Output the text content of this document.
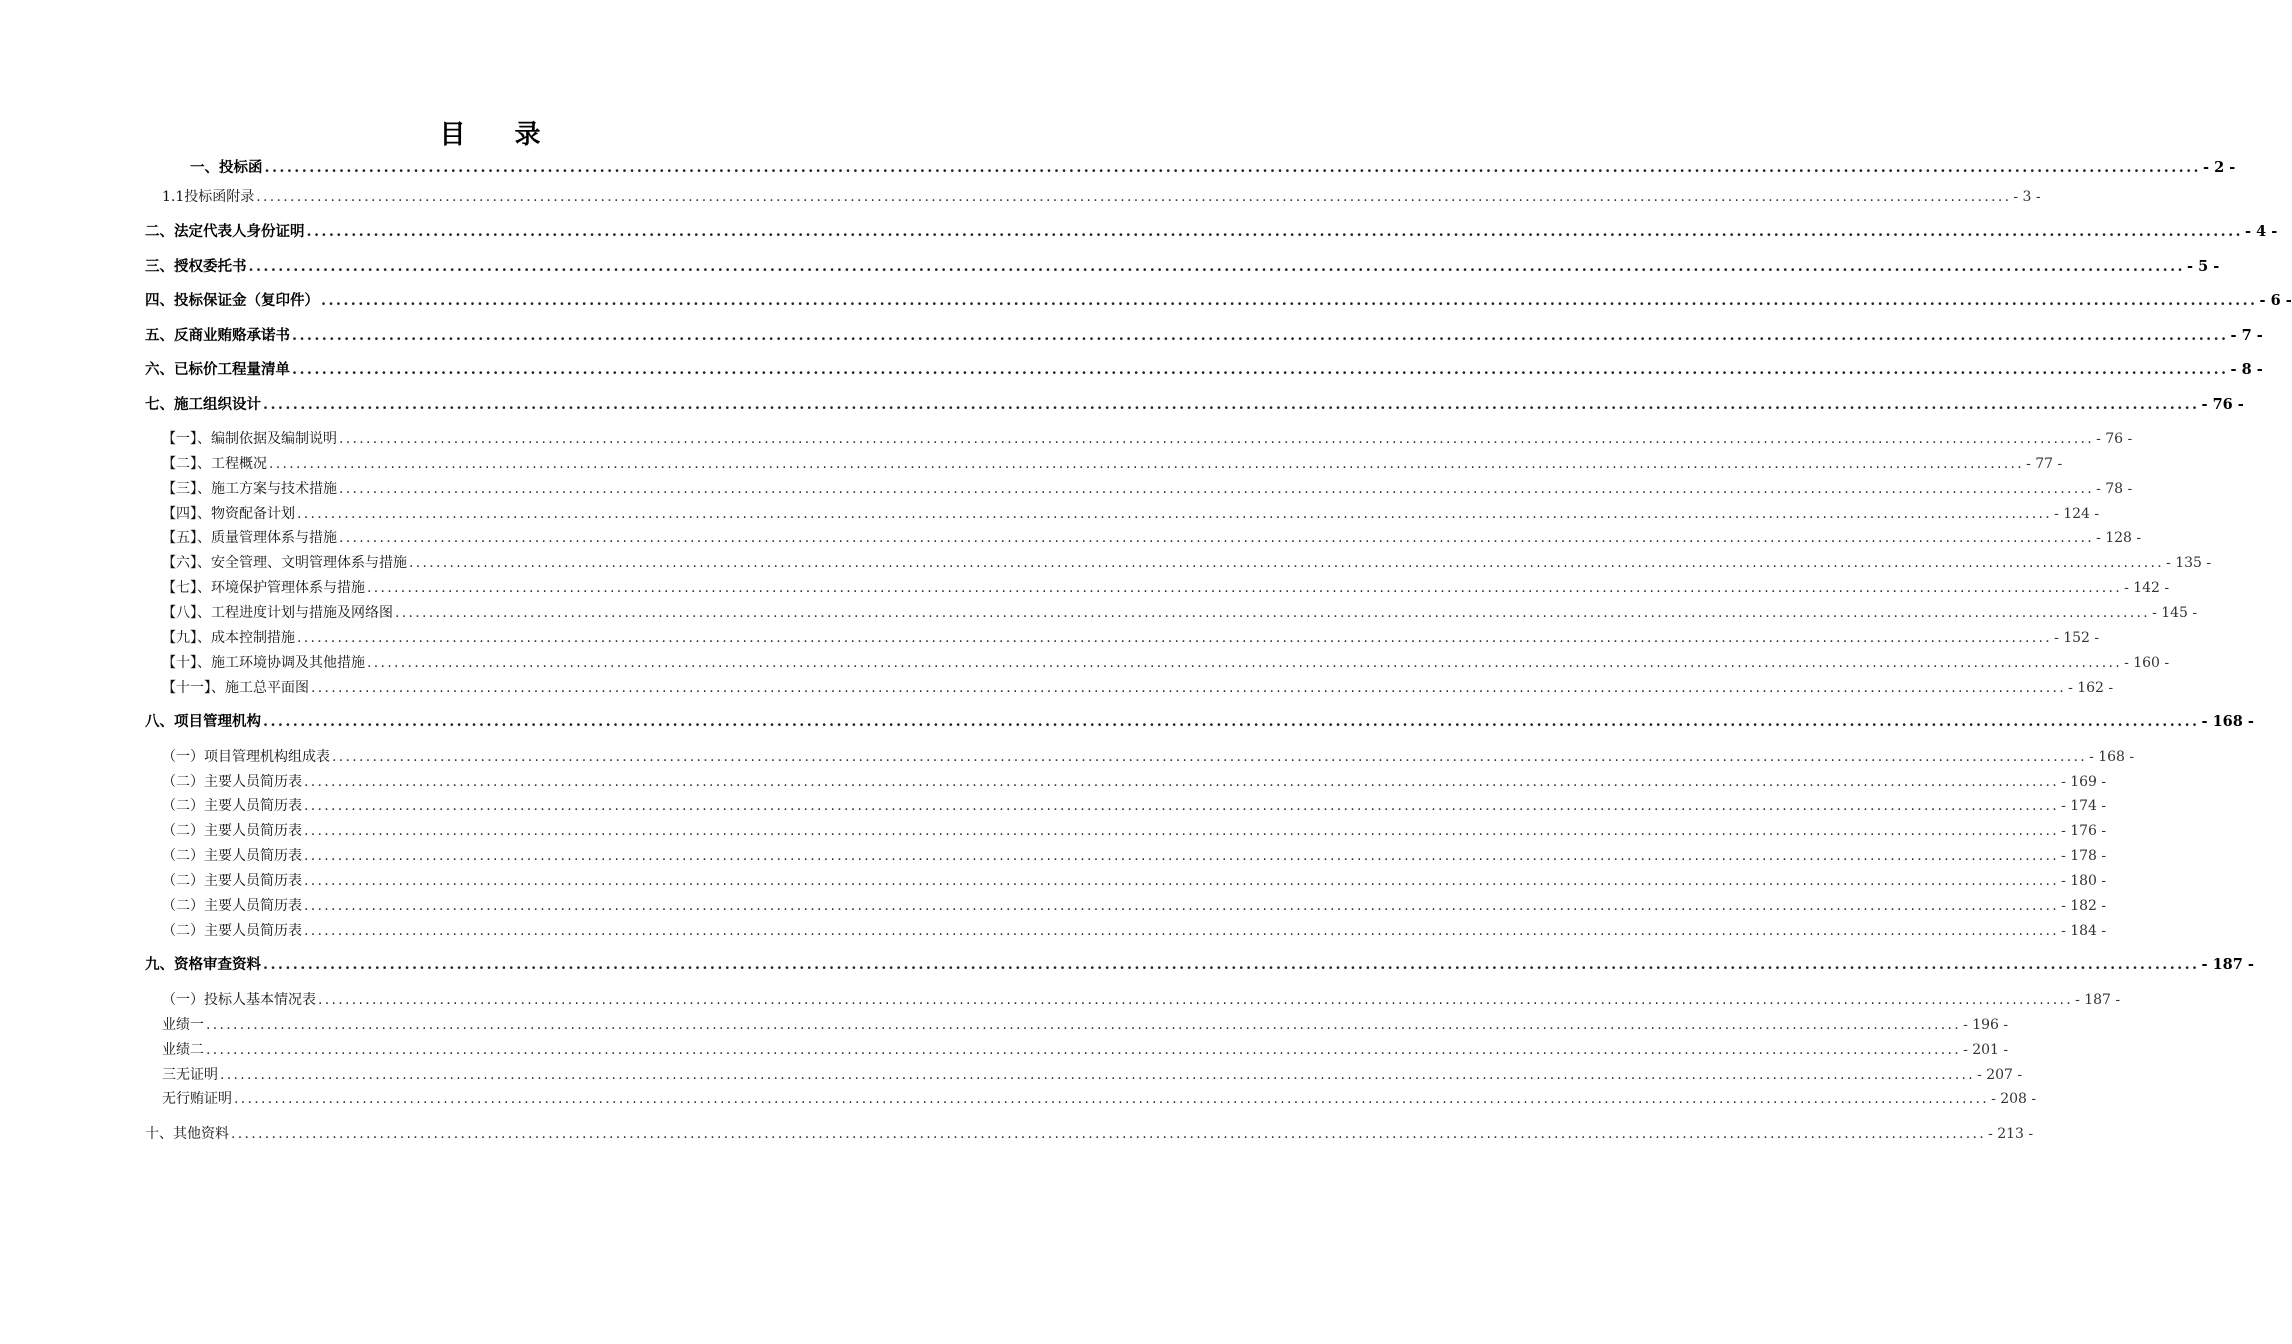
目 录
一、投标函 .................................................................................................................................................................................................................................................................... - 2 -
1.1投标函附录 .................................................................................................................................................................................................................................................................... - 3 -
二、法定代表人身份证明 .................................................................................................................................................................................................................................................................... - 4 -
三、授权委托书 .................................................................................................................................................................................................................................................................... - 5 -
四、投标保证金（复印件） .................................................................................................................................................................................................................................................................... - 6 -
五、反商业贿赂承诺书 .................................................................................................................................................................................................................................................................... - 7 -
六、已标价工程量清单 .................................................................................................................................................................................................................................................................... - 8 -
七、施工组织设计 .................................................................................................................................................................................................................................................................... - 76 -
【一】、编制依据及编制说明 .................................................................................................................................................................................................................................................................... - 76 -
【二】、工程概况 .................................................................................................................................................................................................................................................................... - 77 -
【三】、施工方案与技术措施 .................................................................................................................................................................................................................................................................... - 78 -
【四】、物资配备计划 .................................................................................................................................................................................................................................................................... - 124 -
【五】、质量管理体系与措施 .................................................................................................................................................................................................................................................................... - 128 -
【六】、安全管理、文明管理体系与措施 .................................................................................................................................................................................................................................................................... - 135 -
【七】、环境保护管理体系与措施 .................................................................................................................................................................................................................................................................... - 142 -
【八】、工程进度计划与措施及网络图 .................................................................................................................................................................................................................................................................... - 145 -
【九】、成本控制措施 .................................................................................................................................................................................................................................................................... - 152 -
【十】、施工环境协调及其他措施 .................................................................................................................................................................................................................................................................... - 160 -
【十一】、施工总平面图 .................................................................................................................................................................................................................................................................... - 162 -
八、项目管理机构 .................................................................................................................................................................................................................................................................... - 168 -
（一）项目管理机构组成表 .................................................................................................................................................................................................................................................................... - 168 -
（二）主要人员简历表 .................................................................................................................................................................................................................................................................... - 169 -
（二）主要人员简历表 .................................................................................................................................................................................................................................................................... - 174 -
（二）主要人员简历表 .................................................................................................................................................................................................................................................................... - 176 -
（二）主要人员简历表 .................................................................................................................................................................................................................................................................... - 178 -
（二）主要人员简历表 .................................................................................................................................................................................................................................................................... - 180 -
（二）主要人员简历表 .................................................................................................................................................................................................................................................................... - 182 -
（二）主要人员简历表 .................................................................................................................................................................................................................................................................... - 184 -
九、资格审查资料 .................................................................................................................................................................................................................................................................... - 187 -
（一）投标人基本情况表 .................................................................................................................................................................................................................................................................... - 187 -
业绩一 .................................................................................................................................................................................................................................................................... - 196 -
业绩二 .................................................................................................................................................................................................................................................................... - 201 -
三无证明 .................................................................................................................................................................................................................................................................... - 207 -
无行贿证明 .................................................................................................................................................................................................................................................................... - 208 -
十、其他资料 .................................................................................................................................................................................................................................................................... - 213 -
